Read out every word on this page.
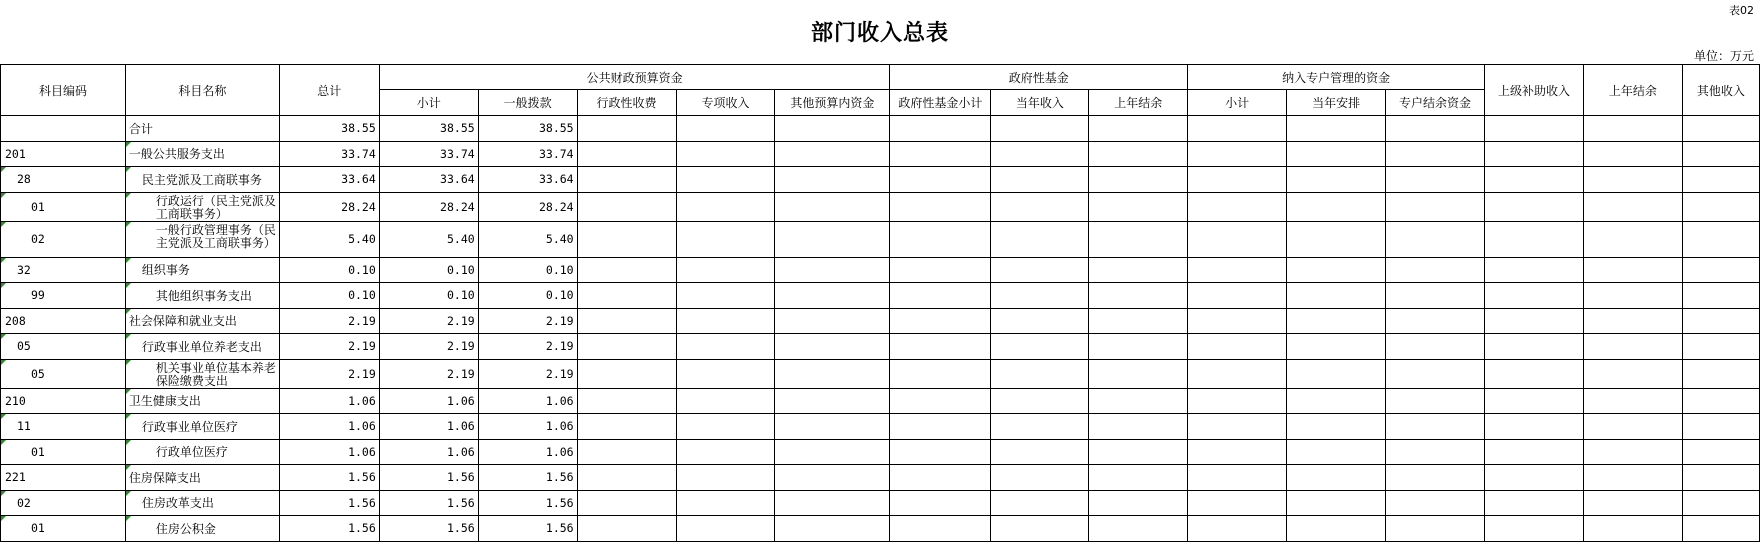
表02
部门收入总表
单位：万元
科目编码	科目名称	总计	公共财政预算资金					政府性基金			纳入专户管理的资金			上级补助收入	上年结余	其他收入
			小计	一般拨款	行政性收费	专项收入	其他预算内资金	政府性基金小计	当年收入	上年结余	小计	当年安排	专户结余资金			
	合计	38.55	38.55	38.55												
201	一般公共服务支出	33.74	33.74	33.74												
28	民主党派及工商联事务	33.64	33.64	33.64												
01	行政运行（民主党派及工商联事务）	28.24	28.24	28.24												
02	一般行政管理事务（民主党派及工商联事务）	5.40	5.40	5.40												
32	组织事务	0.10	0.10	0.10												
99	其他组织事务支出	0.10	0.10	0.10												
208	社会保障和就业支出	2.19	2.19	2.19												
05	行政事业单位养老支出	2.19	2.19	2.19												
05	机关事业单位基本养老保险缴费支出	2.19	2.19	2.19												
210	卫生健康支出	1.06	1.06	1.06												
11	行政事业单位医疗	1.06	1.06	1.06												
01	行政单位医疗	1.06	1.06	1.06												
221	住房保障支出	1.56	1.56	1.56												
02	住房改革支出	1.56	1.56	1.56												
01	住房公积金	1.56	1.56	1.56												
